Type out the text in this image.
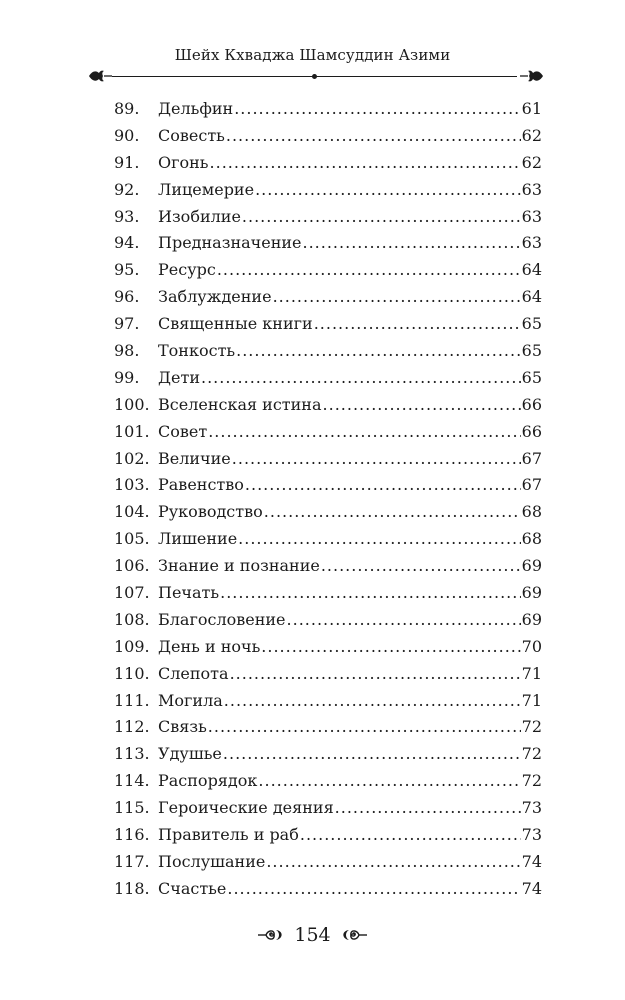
Шейх Кхваджа Шамсуддин Азими
89.	Дельфин .....	61
90.	Совесть .....	62
91.	Огонь .....	62
92.	Лицемерие .....	63
93.	Изобилие .....	63
94.	Предназначение .....	63
95.	Ресурс .....	64
96.	Заблуждение .....	64
97.	Священные книги .....	65
98.	Тонкость .....	65
99.	Дети .....	65
100. Вселенская истина .....	66
101. Совет .....	66
102. Величие .....	67
103. Равенство .....	67
104. Руководство .....	68
105. Лишение .....	68
106. Знание и познание .....	69
107. Печать .....	69
108. Благословение .....	69
109. День и ночь .....	70
110. Слепота .....	71
111. Могила .....	71
112. Связь .....	72
113. Удушье .....	72
114. Распорядок .....	72
115. Героические деяния .....	73
116. Правитель и раб .....	73
117. Послушание .....	74
118. Счастье .....	74
154
